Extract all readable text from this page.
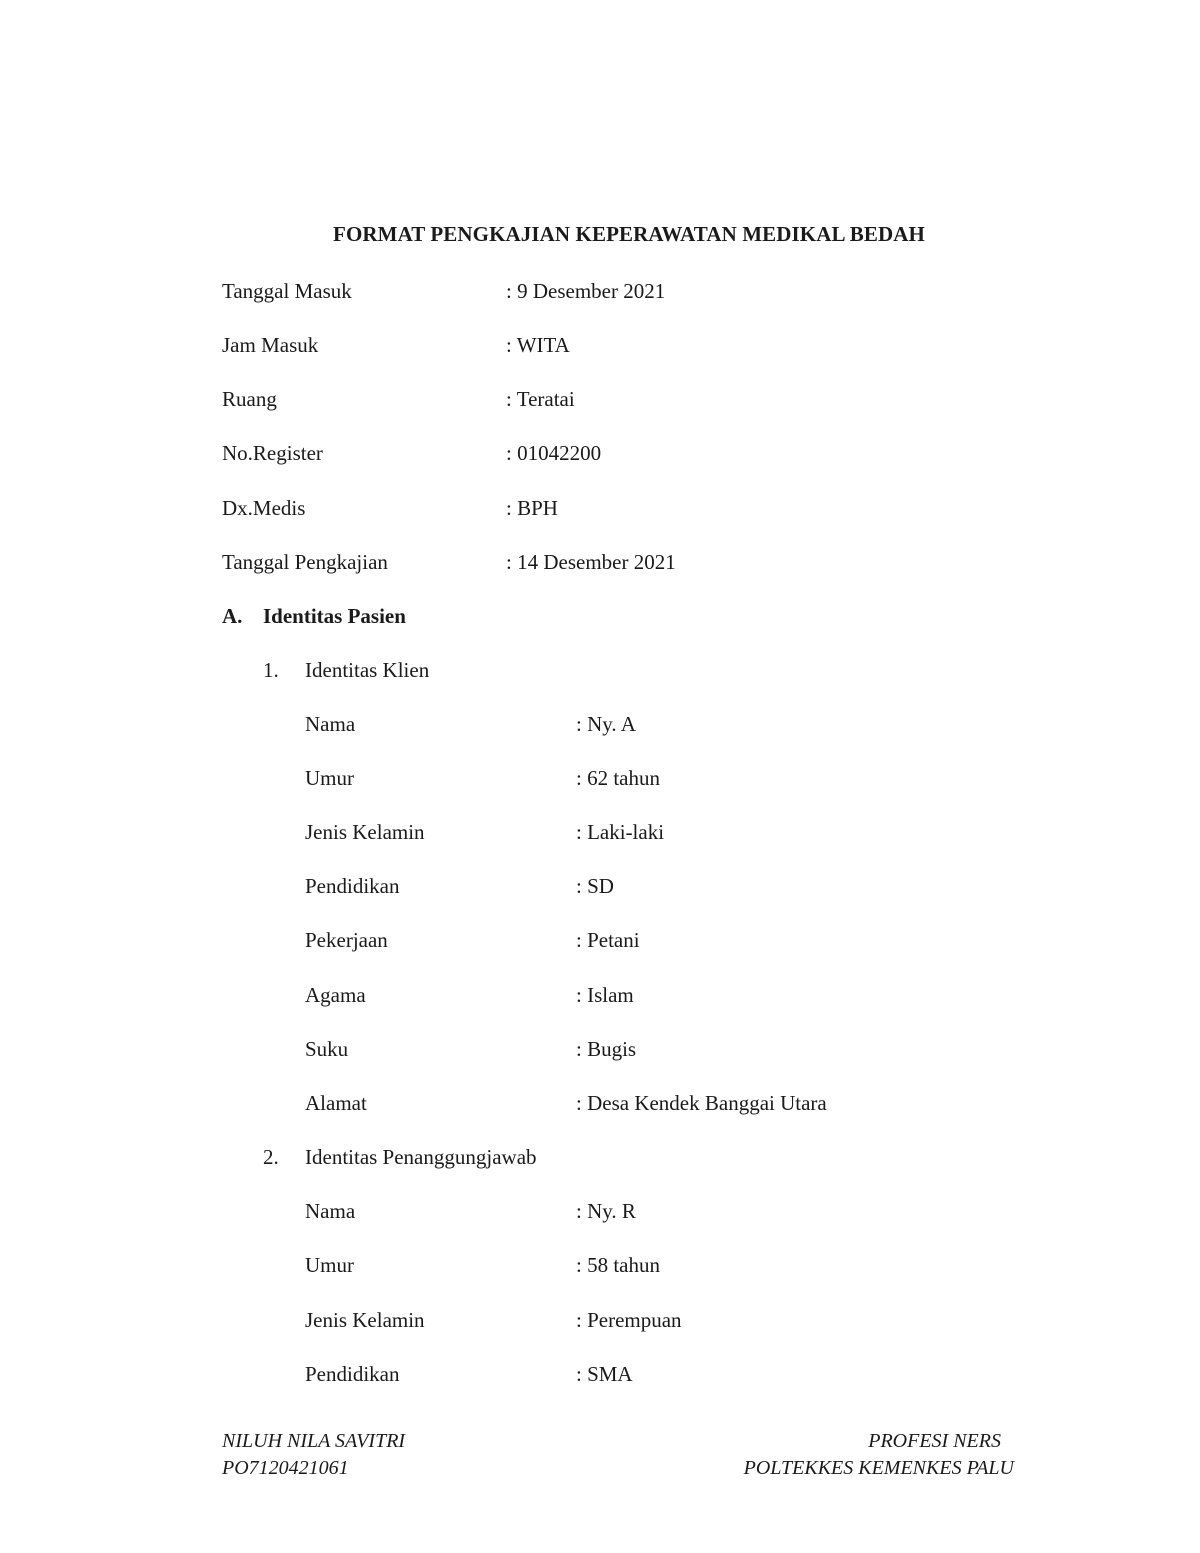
FORMAT PENGKAJIAN KEPERAWATAN MEDIKAL BEDAH
Tanggal Masuk	: 9 Desember 2021
Jam Masuk	: WITA
Ruang	: Teratai
No.Register	: 01042200
Dx.Medis	: BPH
Tanggal Pengkajian	: 14 Desember 2021
A. Identitas Pasien
1. Identitas Klien
Nama	: Ny. A
Umur	: 62 tahun
Jenis Kelamin	: Laki-laki
Pendidikan	: SD
Pekerjaan	: Petani
Agama	: Islam
Suku	: Bugis
Alamat	: Desa Kendek Banggai Utara
2. Identitas Penanggungjawab
Nama	: Ny. R
Umur	: 58 tahun
Jenis Kelamin	: Perempuan
Pendidikan	: SMA
NILUH NILA SAVITRI
PO7120421061
PROFESI NERS
POLTEKKES KEMENKES PALU
